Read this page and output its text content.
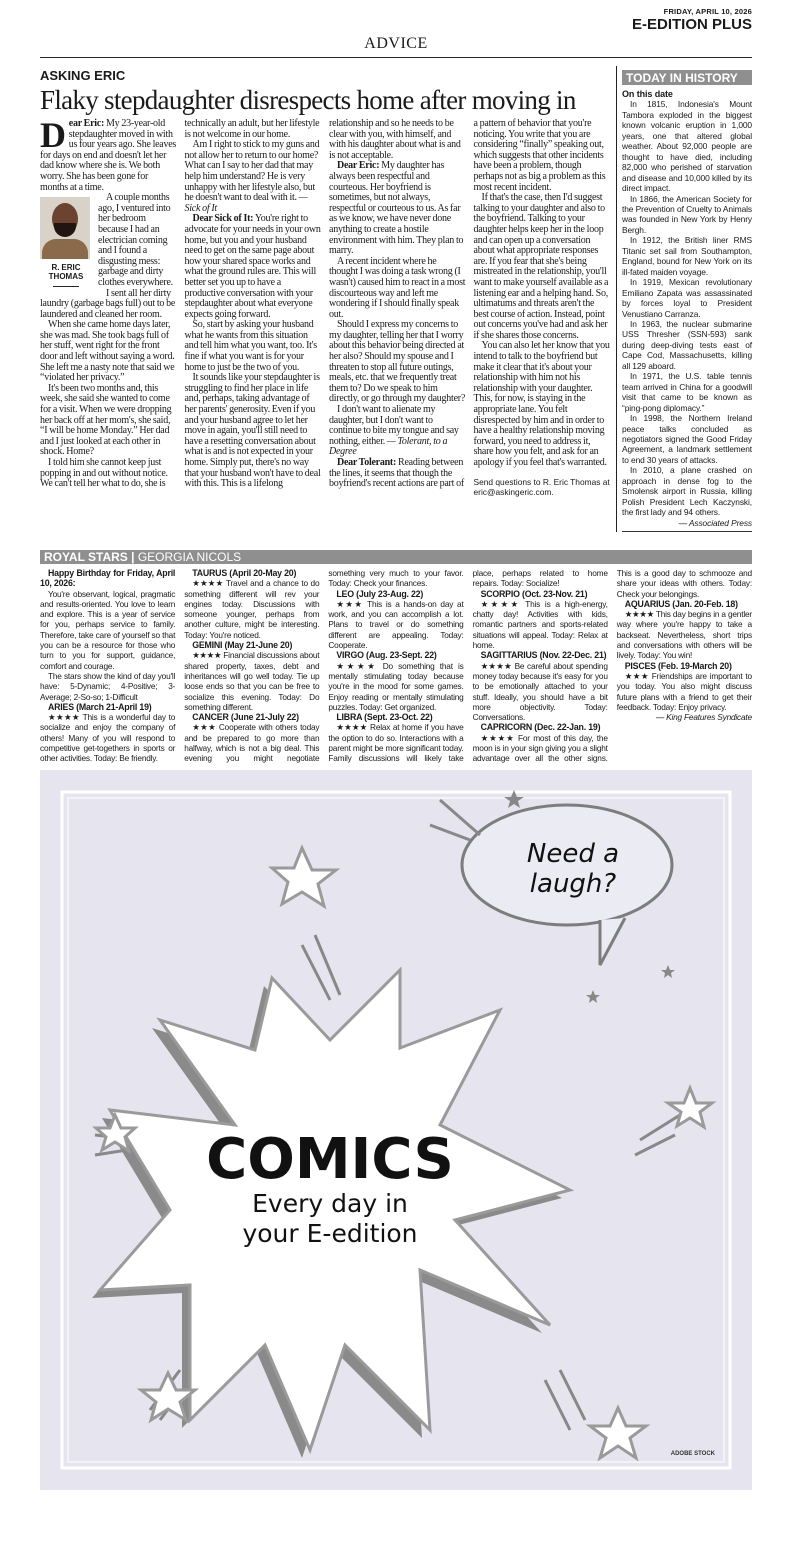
FRIDAY, APRIL 10, 2026
E-EDITION PLUS
ADVICE
ASKING ERIC
Flaky stepdaughter disrespects home after moving in

Dear Eric: My 23-year-old stepdaughter moved in with us four years ago. She leaves for days on end and doesn't let her dad know where she is. We both worry. She has been gone for months at a time.

R. ERIC
THOMAS

A couple months ago, I ventured into her bedroom because I had an electrician coming and I found a disgusting mess: garbage and dirty clothes everywhere.

I sent all her dirty laundry (garbage bags full) out to be laundered and cleaned her room.

When she came home days later, she was mad. She took bags full of her stuff, went right for the front door and left without saying a word. She left me a nasty note that said we “violated her privacy.”

It's been two months and, this week, she said she wanted to come for a visit. When we were dropping her back off at her mom's, she said, “I will be home Monday.” Her dad and I just looked at each other in shock. Home?

I told him she cannot keep just popping in and out without notice. We can't tell her what to do, she is technically an adult, but her lifestyle is not welcome in our home.

Am I right to stick to my guns and not allow her to return to our home? What can I say to her dad that may help him understand? He is very unhappy with her lifestyle also, but he doesn't want to deal with it. — Sick of It

Dear Sick of It: You're right to advocate for your needs in your own home, but you and your husband need to get on the same page about how your shared space works and what the ground rules are. This will better set you up to have a productive conversation with your stepdaughter about what everyone expects going forward.

So, start by asking your husband what he wants from this situation and tell him what you want, too. It's fine if what you want is for your home to just be the two of you.

It sounds like your stepdaughter is struggling to find her place in life and, perhaps, taking advantage of her parents' generosity. Even if you and your husband agree to let her move in again, you'll still need to have a resetting conversation about what is and is not expected in your home. Simply put, there's no way that your husband won't have to deal with this. This is a lifelong relationship and so he needs to be clear with you, with himself, and with his daughter about what is and is not acceptable.

Dear Eric: My daughter has always been respectful and courteous. Her boyfriend is sometimes, but not always, respectful or courteous to us. As far as we know, we have never done anything to create a hostile environment with him. They plan to marry.

A recent incident where he thought I was doing a task wrong (I wasn't) caused him to react in a most discourteous way and left me wondering if I should finally speak out.

Should I express my concerns to my daughter, telling her that I worry about this behavior being directed at her also? Should my spouse and I threaten to stop all future outings, meals, etc. that we frequently treat them to? Do we speak to him directly, or go through my daughter?

I don't want to alienate my daughter, but I don't want to continue to bite my tongue and say nothing, either. — Tolerant, to a Degree

Dear Tolerant: Reading between the lines, it seems that though the boyfriend's recent actions are part of a pattern of behavior that you're noticing. You write that you are considering “finally” speaking out, which suggests that other incidents have been a problem, though perhaps not as big a problem as this most recent incident.

If that's the case, then I'd suggest talking to your daughter and also to the boyfriend. Talking to your daughter helps keep her in the loop and can open up a conversation about what appropriate responses are. If you fear that she's being mistreated in the relationship, you'll want to make yourself available as a listening ear and a helping hand. So, ultimatums and threats aren't the best course of action. Instead, point out concerns you've had and ask her if she shares those concerns.

You can also let her know that you intend to talk to the boyfriend but make it clear that it's about your relationship with him not his relationship with your daughter. This, for now, is staying in the appropriate lane. You felt disrespected by him and in order to have a healthy relationship moving forward, you need to address it, share how you felt, and ask for an apology if you feel that's warranted.

Send questions to R. Eric Thomas at eric@askingeric.com.

TODAY IN HISTORY
On this date

In 1815, Indonesia's Mount Tambora exploded in the biggest known volcanic eruption in 1,000 years, one that altered global weather. About 92,000 people are thought to have died, including 82,000 who perished of starvation and disease and 10,000 killed by its direct impact.

In 1866, the American Society for the Prevention of Cruelty to Animals was founded in New York by Henry Bergh.

In 1912, the British liner RMS Titanic set sail from Southampton, England, bound for New York on its ill-fated maiden voyage.

In 1919, Mexican revolutionary Emiliano Zapata was assassinated by forces loyal to President Venustiano Carranza.

In 1963, the nuclear submarine USS Thresher (SSN-593) sank during deep-diving tests east of Cape Cod, Massachusetts, killing all 129 aboard.

In 1971, the U.S. table tennis team arrived in China for a goodwill visit that came to be known as “ping-pong diplomacy.”

In 1998, the Northern Ireland peace talks concluded as negotiators signed the Good Friday Agreement, a landmark settlement to end 30 years of attacks.

In 2010, a plane crashed on approach in dense fog to the Smolensk airport in Russia, killing Polish President Lech Kaczynski, the first lady and 94 others.

— Associated Press
ROYAL STARS | GEORGIA NICOLS

Happy Birthday for Friday, April 10, 2026:

You're observant, logical, pragmatic and results-oriented. You love to learn and explore. This is a year of service for you, perhaps service to family. Therefore, take care of yourself so that you can be a resource for those who turn to you for support, guidance, comfort and courage.

The stars show the kind of day you'll have: 5-Dynamic; 4-Positive; 3-Average; 2-So-so; 1-Difficult

ARIES (March 21-April 19)

★★★★ This is a wonderful day to socialize and enjoy the company of others! Many of you will respond to competitive get-togethers in sports or other activities. Today: Be friendly.

TAURUS (April 20-May 20)

★★★★ Travel and a chance to do something different will rev your engines today. Discussions with someone younger, perhaps from another culture, might be interesting. Today: You're noticed.

GEMINI (May 21-June 20)

★★★★ Financial discussions about shared property, taxes, debt and inheritances will go well today. Tie up loose ends so that you can be free to socialize this evening. Today: Do something different.

CANCER (June 21-July 22)

★★★ Cooperate with others today and be prepared to go more than halfway, which is not a big deal. This evening you might negotiate something very much to your favor. Today: Check your finances.

LEO (July 23-Aug. 22)

★★★ This is a hands-on day at work, and you can accomplish a lot. Plans to travel or do something different are appealing. Today: Cooperate.

VIRGO (Aug. 23-Sept. 22)

★★★★ Do something that is mentally stimulating today because you're in the mood for some games. Enjoy reading or mentally stimulating puzzles. Today: Get organized.

LIBRA (Sept. 23-Oct. 22)

★★★★ Relax at home if you have the option to do so. Interactions with a parent might be more significant today. Family discussions will likely take place, perhaps related to home repairs. Today: Socialize!

SCORPIO (Oct. 23-Nov. 21)

★★★★ This is a high-energy, chatty day! Activities with kids, romantic partners and sports-related situations will appeal. Today: Relax at home.

SAGITTARIUS (Nov. 22-Dec. 21)

★★★★ Be careful about spending money today because it's easy for you to be emotionally attached to your stuff. Ideally, you should have a bit more objectivity. Today: Conversations.

CAPRICORN (Dec. 22-Jan. 19)

★★★★ For most of this day, the moon is in your sign giving you a slight advantage over all the other signs. This is a good day to schmooze and share your ideas with others. Today: Check your belongings.

AQUARIUS (Jan. 20-Feb. 18)

★★★★ This day begins in a gentler way where you're happy to take a backseat. Nevertheless, short trips and conversations with others will be lively. Today: You win!

PISCES (Feb. 19-March 20)

★★★ Friendships are important to you today. You also might discuss future plans with a friend to get their feedback. Today: Enjoy privacy.

— King Features Syndicate
Need a
laugh?
COMICS
Every day in
your E-edition
ADOBE STOCK
